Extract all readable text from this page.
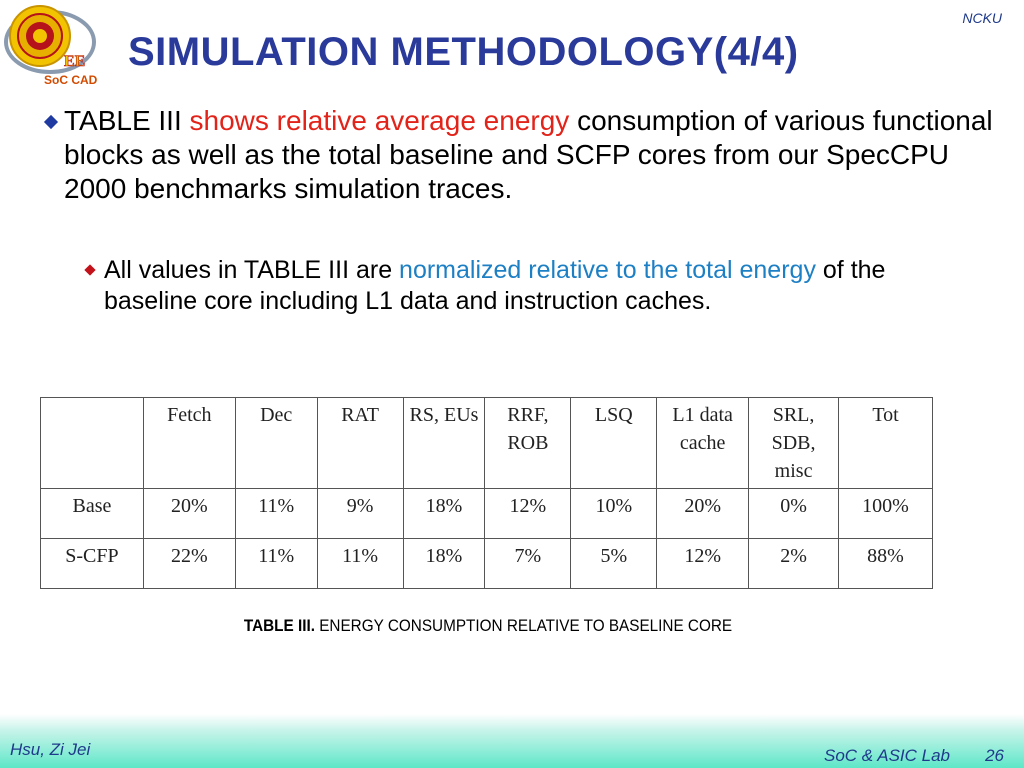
EE
SoC CAD
NCKU
SIMULATION METHODOLOGY(4/4)
TABLE III shows relative average energy consumption of various functional blocks as well as the total baseline and SCFP cores from our SpecCPU 2000 benchmarks simulation traces.
All values in TABLE III are normalized relative to the total energy of the baseline core including L1 data and instruction caches.
	Fetch	Dec	RAT	RS, EUs	RRF, ROB	LSQ	L1 data cache	SRL, SDB, misc	Tot
Base	20%	11%	9%	18%	12%	10%	20%	0%	100%
S-CFP	22%	11%	11%	18%	7%	5%	12%	2%	88%
TABLE III. ENERGY CONSUMPTION RELATIVE TO BASELINE CORE
Hsu, Zi Jei	SoC & ASIC Lab 26
